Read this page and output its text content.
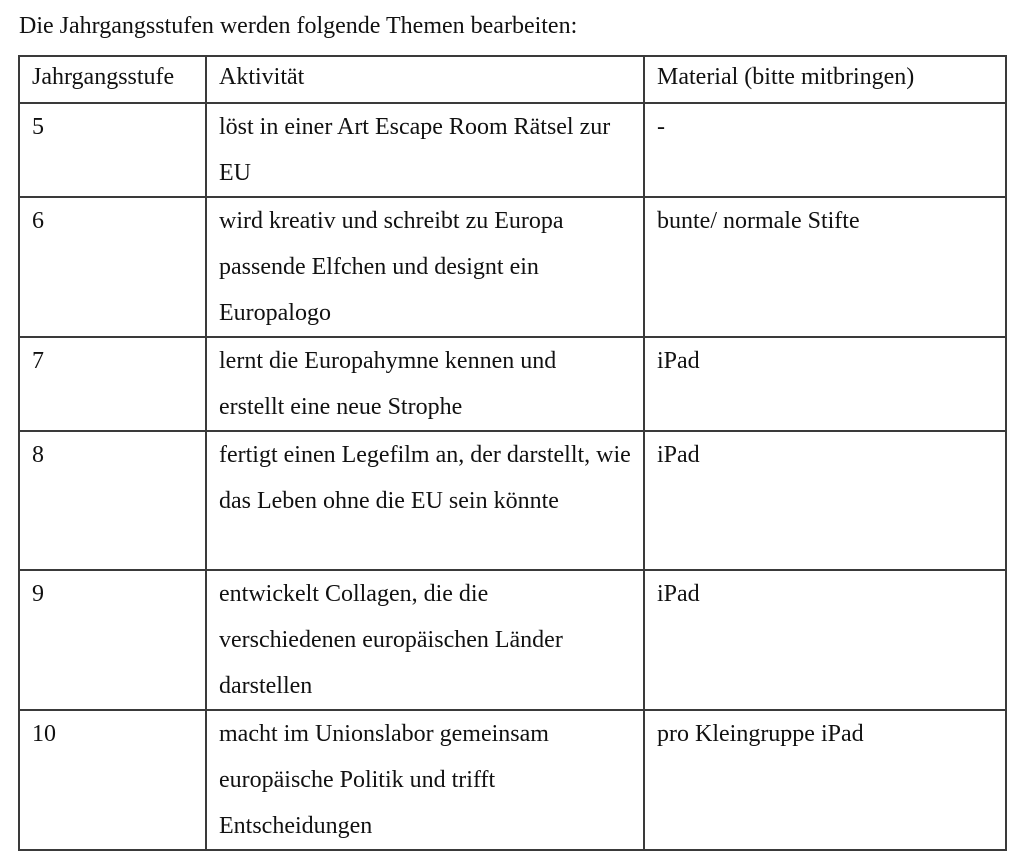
Die Jahrgangsstufen werden folgende Themen bearbeiten:
Jahrgangsstufe	Aktivität	Material (bitte mitbringen)

5	löst in einer Art Escape Room Rätsel zur EU	-

6	wird kreativ und schreibt zu Europa passende Elfchen und designt ein Europalogo	bunte/ normale Stifte

7	lernt die Europahymne kennen und erstellt eine neue Strophe	iPad

8	fertigt einen Legefilm an, der darstellt, wie das Leben ohne die EU sein könnte	iPad

9	entwickelt Collagen, die die verschiedenen europäischen Länder darstellen	iPad

10	macht im Unionslabor gemeinsam europäische Politik und trifft Entscheidungen	pro Kleingruppe iPad
